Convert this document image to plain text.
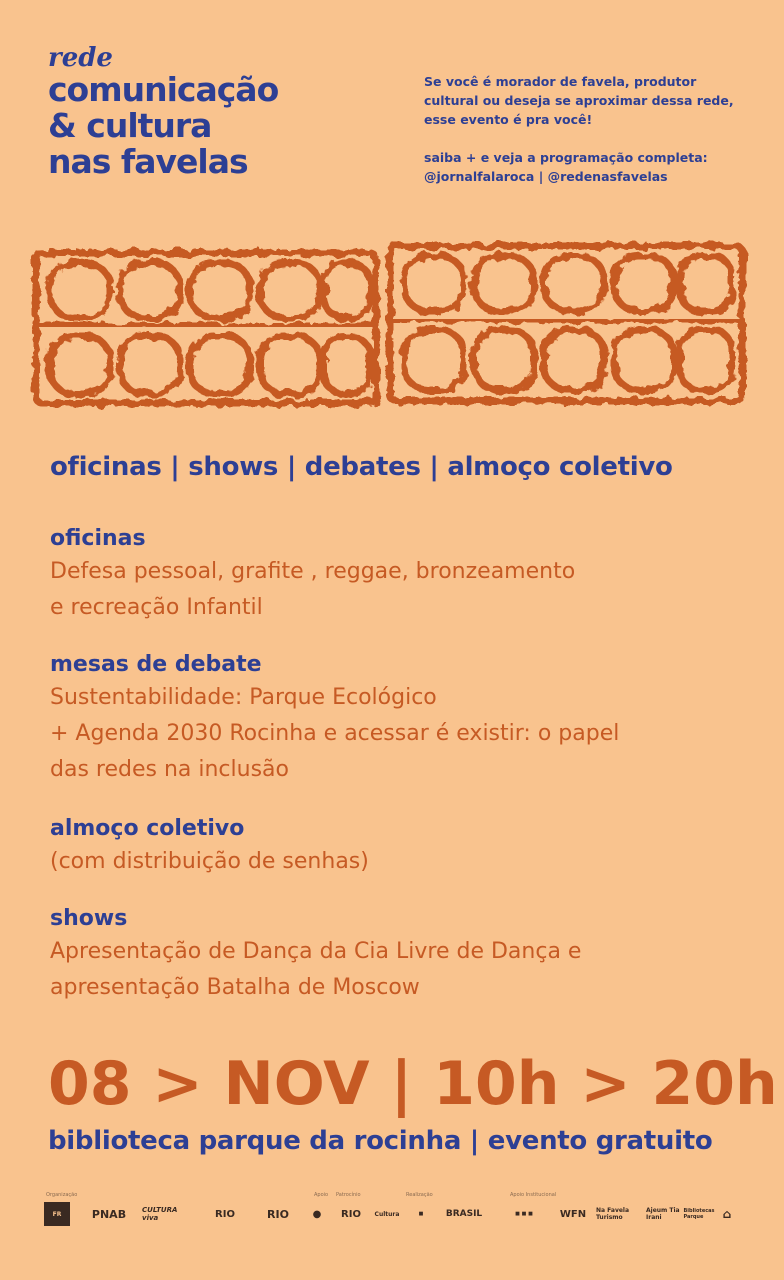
rede
comunicação
& cultura
nas favelas

Se você é morador de favela, produtor cultural ou deseja se aproximar dessa rede, esse evento é pra você!

saiba + e veja a programação completa:

@jornalfalaroca | @redenasfavelas

oficinas | shows | debates | almoço coletivo
oficinas

Defesa pessoal, grafite , reggae, bronzeamento

e recreação Infantil

mesas de debate

Sustentabilidade: Parque Ecológico

+ Agenda 2030 Rocinha e acessar é existir: o papel

das redes na inclusão

almoço coletivo

(com distribuição de senhas)

shows

Apresentação de Dança da Cia Livre de Dança e

apresentação Batalha de Moscow

08 > NOV | 10h > 20h
biblioteca parque da rocinha | evento gratuito
Organização	Apoio Patrocínio	Realização	Apoio Institucional
FR	PNAB	CULTURA viva	RIO	RIO	●	RIO	Cultura	■	BRASIL	■ ■ ■	WFN	Na Favela Turismo
Ajeum Tia Irani
Bibliotecas Parque	⌂
